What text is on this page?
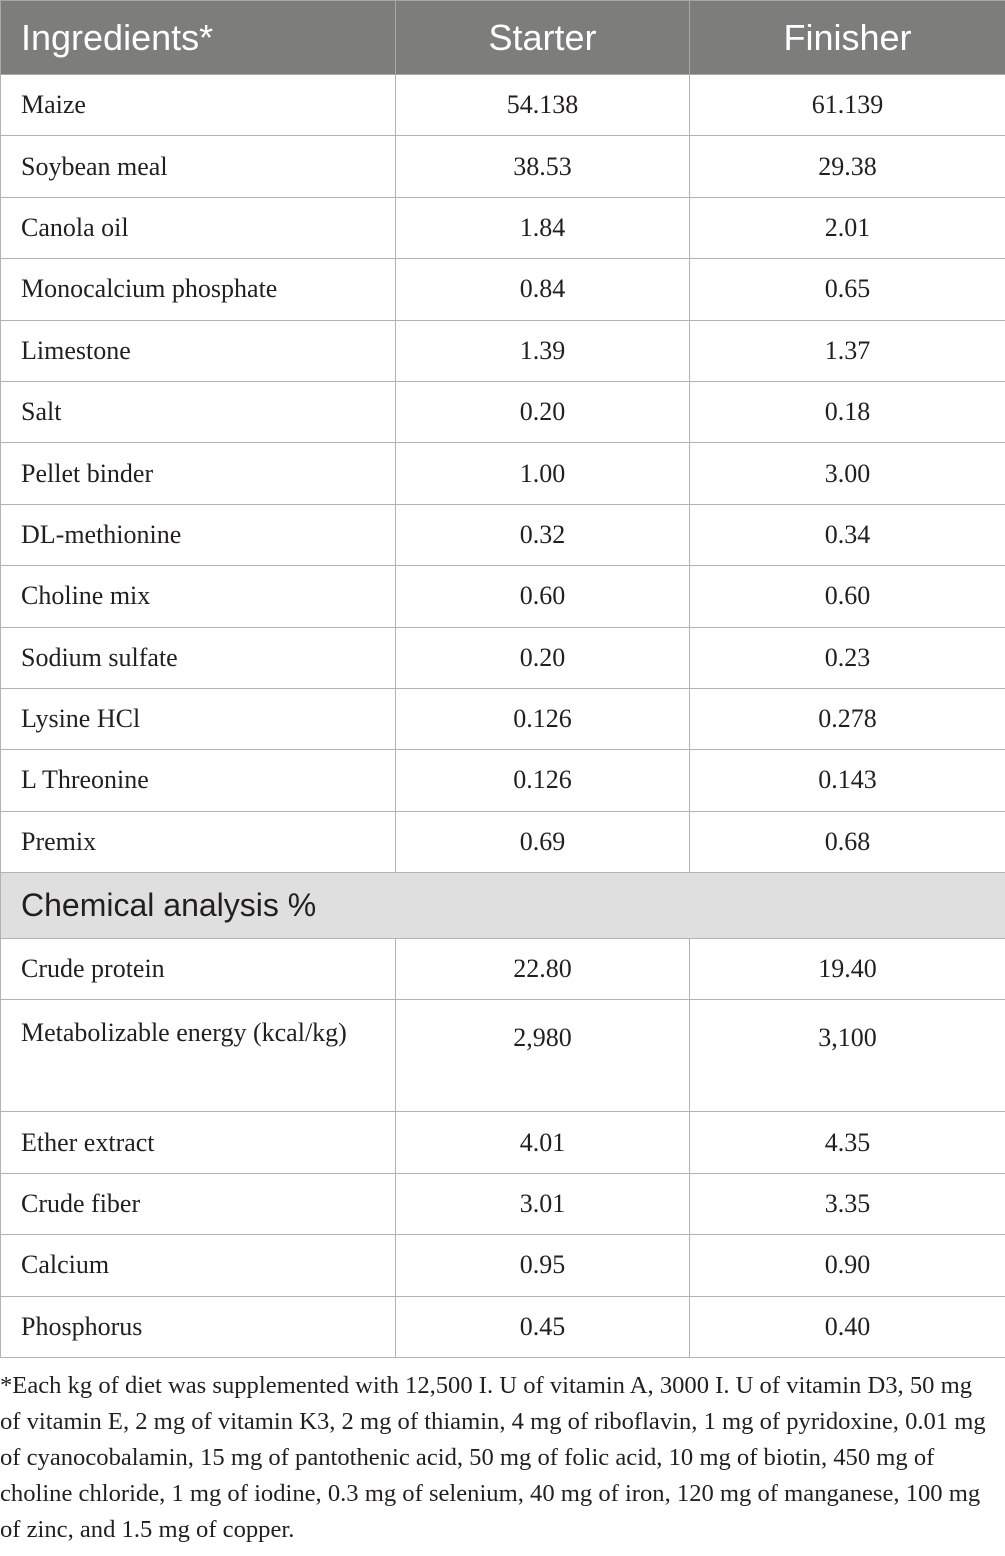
Ingredients*	Starter	Finisher
Maize	54.138	61.139
Soybean meal	38.53	29.38
Canola oil	1.84	2.01
Monocalcium phosphate	0.84	0.65
Limestone	1.39	1.37
Salt	0.20	0.18
Pellet binder	1.00	3.00
DL-methionine	0.32	0.34
Choline mix	0.60	0.60
Sodium sulfate	0.20	0.23
Lysine HCl	0.126	0.278
L Threonine	0.126	0.143
Premix	0.69	0.68
Chemical analysis %		
Crude protein	22.80	19.40
Metabolizable energy (kcal/kg)	2,980	3,100
Ether extract	4.01	4.35
Crude fiber	3.01	3.35
Calcium	0.95	0.90
Phosphorus	0.45	0.40

*Each kg of diet was supplemented with 12,500 I. U of vitamin A, 3000 I. U of vitamin D3, 50 mg of vitamin E, 2 mg of vitamin K3, 2 mg of thiamin, 4 mg of riboflavin, 1 mg of pyridoxine, 0.01 mg of cyanocobalamin, 15 mg of pantothenic acid, 50 mg of folic acid, 10 mg of biotin, 450 mg of choline chloride, 1 mg of iodine, 0.3 mg of selenium, 40 mg of iron, 120 mg of manganese, 100 mg of zinc, and 1.5 mg of copper.
